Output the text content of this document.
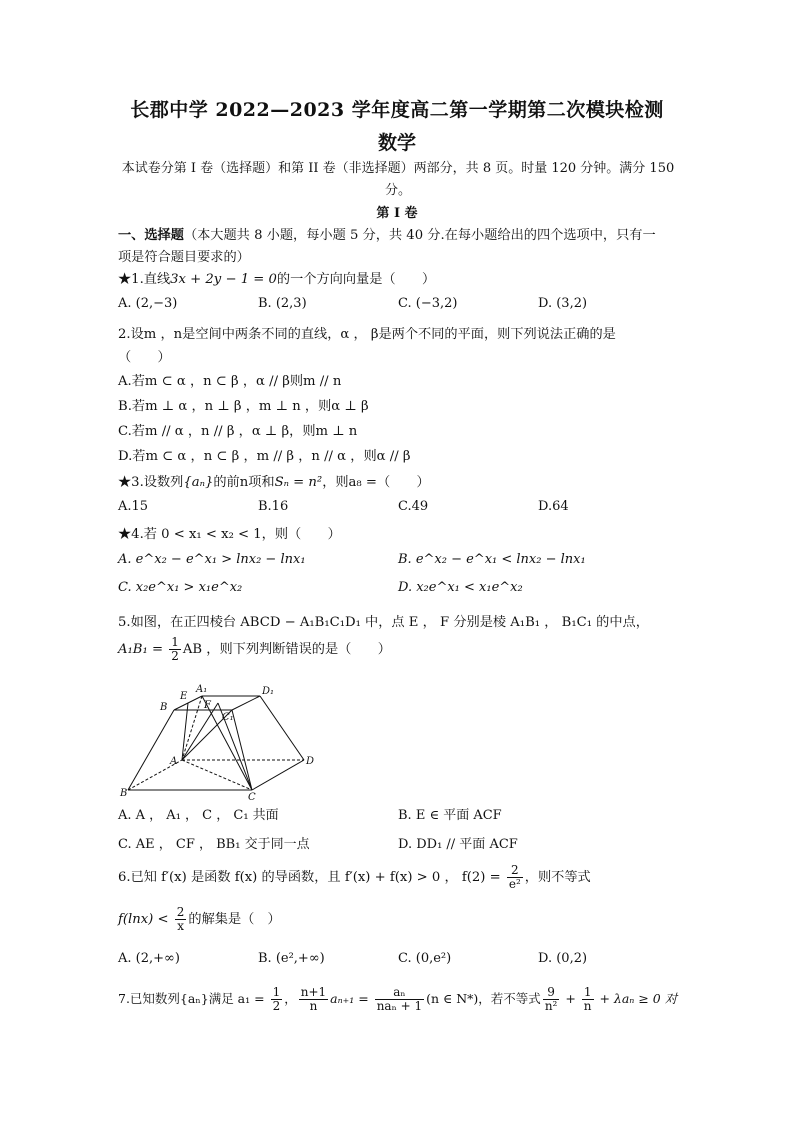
长郡中学 2022—2023 学年度高二第一学期第二次模块检测
数学
本试卷分第 I 卷（选择题）和第 II 卷（非选择题）两部分，共 8 页。时量 120 分钟。满分 150 分。
第 I 卷
一、选择题（本大题共 8 小题，每小题 5 分，共 40 分.在每小题给出的四个选项中，只有一
项是符合题目要求的）
★1.直线3x + 2y − 1 = 0的一个方向向量是（　　）
A. (2,−3)	B. (2,3)	C. (−3,2)	D. (3,2)
2.设m ，n是空间中两条不同的直线，α ， β是两个不同的平面，则下列说法正确的是
（　　）
A.若m ⊂ α ，n ⊂ β ，α // β则m // n
B.若m ⊥ α ，n ⊥ β ，m ⊥ n ，则α ⊥ β
C.若m // α ，n // β ，α ⊥ β，则m ⊥ n
D.若m ⊂ α ，n ⊂ β ，m // β ，n // α ，则α // β
★3.设数列{aₙ}的前n项和Sₙ = n²，则a₈ =（　　）
A.15	B.16	C.49	D.64
★4.若 0 < x₁ < x₂ < 1，则（　　）
A. e^x₂ − e^x₁ > lnx₂ − lnx₁	B. e^x₂ − e^x₁ < lnx₂ − lnx₁
C. x₂e^x₁ > x₁e^x₂	D. x₂e^x₁ < x₁e^x₂
5.如图，在正四棱台 ABCD − A₁B₁C₁D₁ 中，点 E ， F 分别是棱 A₁B₁ ， B₁C₁ 的中点，
$A_1B_1 = \frac{1}{2}$ AB ，则下列判断错误的是（　　）
E
A₁	D₁
B	F
C₁
A	D
B	C
A. A ， A₁ ， C ， C₁ 共面	B. E ∈ 平面 ACF
C. AE ， CF ， BB₁ 交于同一点	D. DD₁ // 平面 ACF
6.已知 f′(x) 是函数 f(x) 的导函数，且 f′(x) + f(x) > 0 ， $f(2) = \frac{2}{\text{e²}}$ ，则不等式
$f(\ln x) < \frac{2}{x}$ 的解集是（　）
A. (2,+∞)	B. (e²,+∞)	C. (0,e²)	D. (0,2)
7.已知数列{aₙ}满足 $a_1 = \frac{1}{2}$ ， $\frac{n+1}{n} a_{n+1} = \frac{\text{aₙ}}{\text{naₙ + 1}} (n$ ∈ N*)，若不等式 $\frac{9}{\text{n²}} + \frac{1}{n} + \lambda a_n \ge 0$ 对
